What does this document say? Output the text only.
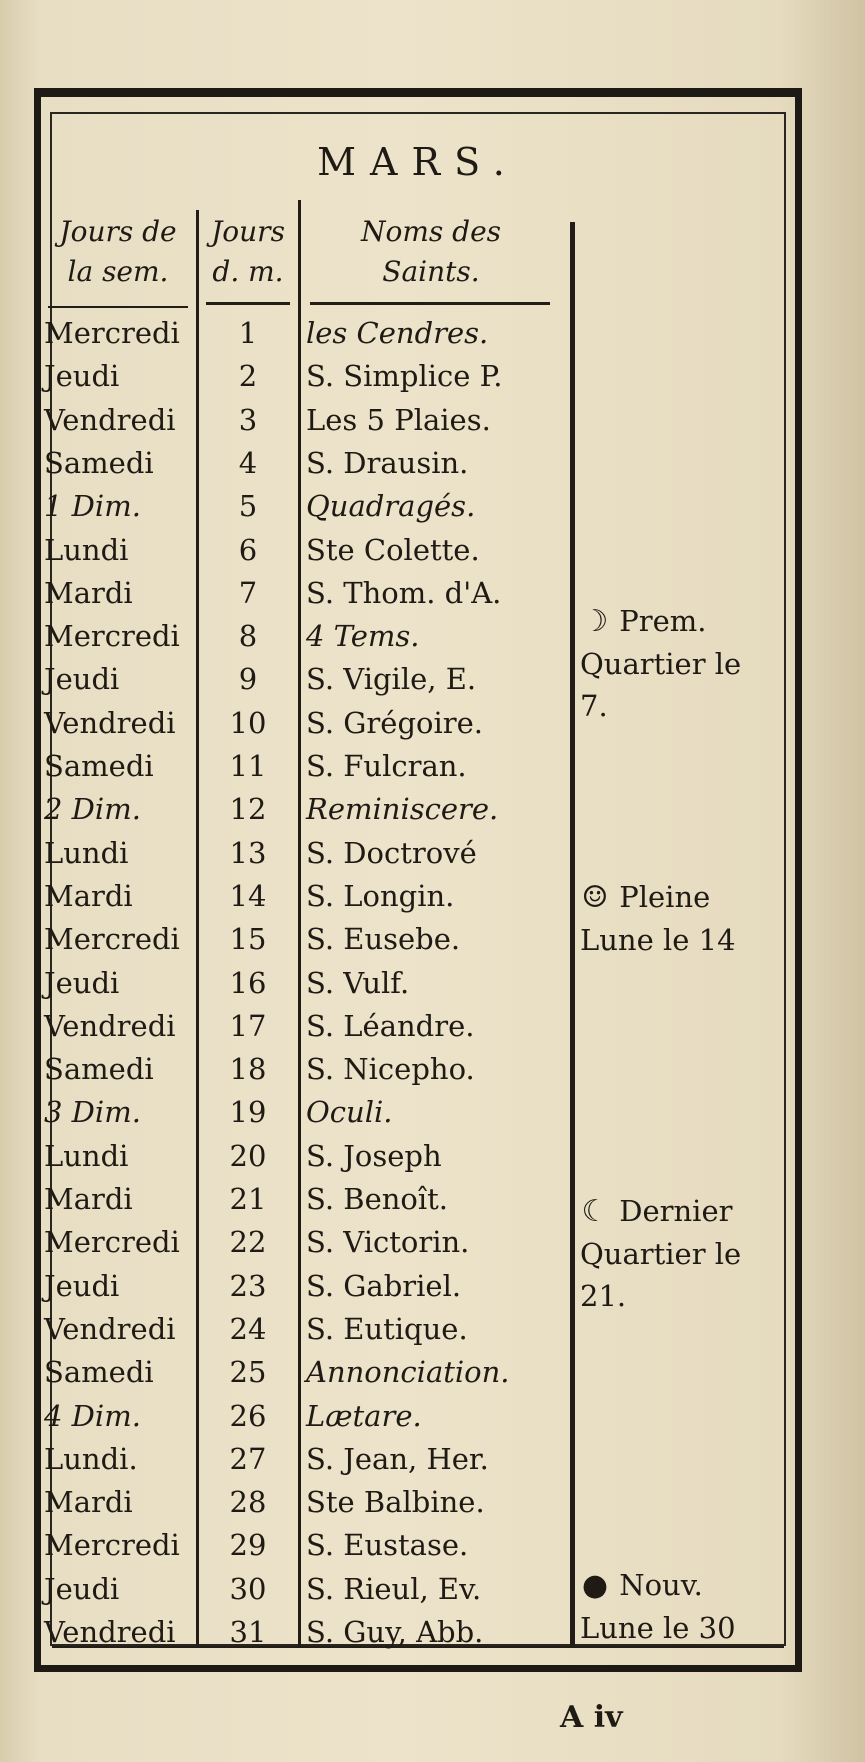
MARS.
Jours de
la sem.
Jours
d. m.
Noms des
Saints.
Mercredi	1	les Cendres.
Jeudi	2	S. Simplice P.
Vendredi	3	Les 5 Plaies.
Samedi	4	S. Drausin.
1 Dim.	5	Quadragés.
Lundi	6	Ste Colette.
Mardi	7	S. Thom. d'A.
Mercredi	8	4 Tems.
Jeudi	9	S. Vigile, E.
Vendredi	10	S. Grégoire.
Samedi	11	S. Fulcran.
2 Dim.	12	Reminiscere.
Lundi	13	S. Doctrové
Mardi	14	S. Longin.
Mercredi	15	S. Eusebe.
Jeudi	16	S. Vulf.
Vendredi	17	S. Léandre.
Samedi	18	S. Nicepho.
3 Dim.	19	Oculi.
Lundi	20	S. Joseph
Mardi	21	S. Benoît.
Mercredi	22	S. Victorin.
Jeudi	23	S. Gabriel.
Vendredi	24	S. Eutique.
Samedi	25	Annonciation.
4 Dim.	26	Lætare.
Lundi.	27	S. Jean, Her.
Mardi	28	Ste Balbine.
Mercredi	29	S. Eustase.
Jeudi	30	S. Rieul, Ev.
Vendredi	31	S. Guy, Abb.
☽ Prem.
Quartier le
7.
☺ Pleine
Lune le 14
☾ Dernier
Quartier le
21.
● Nouv.
Lune le 30
A iv
